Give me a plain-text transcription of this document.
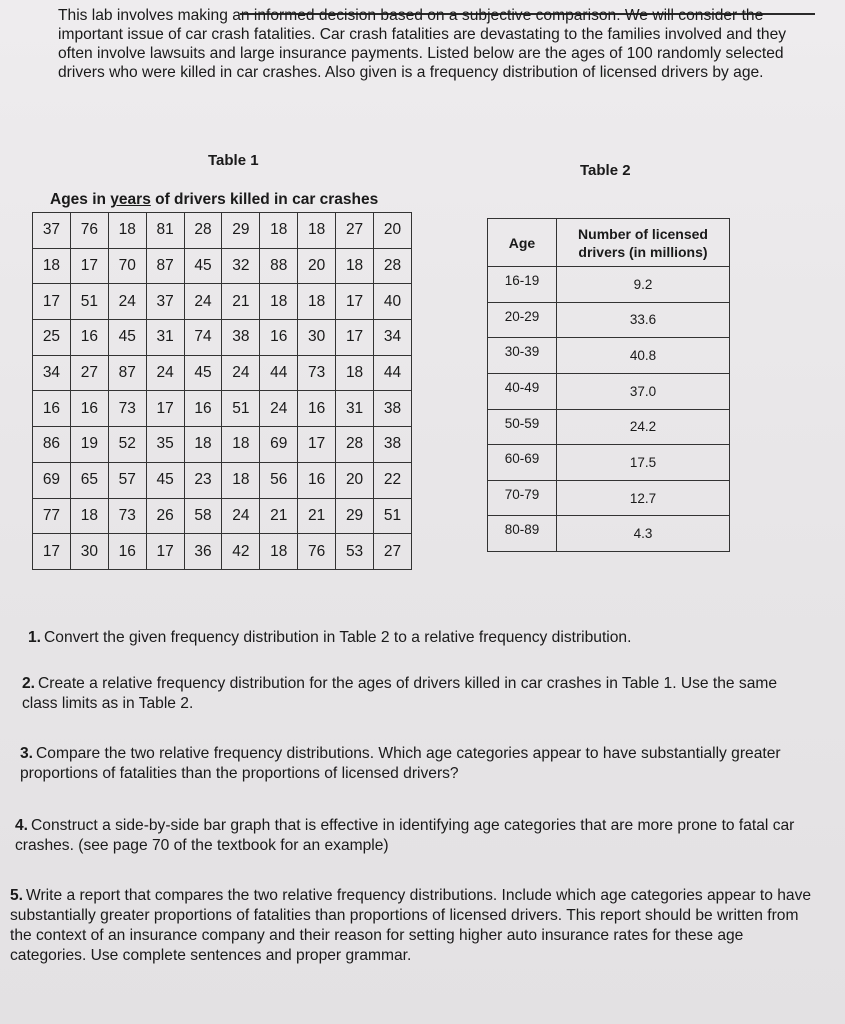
This lab involves making an informed decision based on a subjective comparison. We will consider the important issue of car crash fatalities. Car crash fatalities are devastating to the families involved and they often involve lawsuits and large insurance payments. Listed below are the ages of 100 randomly selected drivers who were killed in car crashes. Also given is a frequency distribution of licensed drivers by age.

Table 1
Table 2
Ages in years of drivers killed in car crashes
37	76	18	81	28	29	18	18	27	20
18	17	70	87	45	32	88	20	18	28
17	51	24	37	24	21	18	18	17	40
25	16	45	31	74	38	16	30	17	34
34	27	87	24	45	24	44	73	18	44
16	16	73	17	16	51	24	16	31	38
86	19	52	35	18	18	69	17	28	38
69	65	57	45	23	18	56	16	20	22
77	18	73	26	58	24	21	21	29	51
17	30	16	17	36	42	18	76	53	27
Age	Number of licensed drivers (in millions)
16-19	9.2
20-29	33.6
30-39	40.8
40-49	37.0
50-59	24.2
60-69	17.5
70-79	12.7
80-89	4.3

1. Convert the given frequency distribution in Table 2 to a relative frequency distribution.

2. Create a relative frequency distribution for the ages of drivers killed in car crashes in Table 1. Use the same class limits as in Table 2.

3. Compare the two relative frequency distributions. Which age categories appear to have substantially greater proportions of fatalities than the proportions of licensed drivers?

4. Construct a side-by-side bar graph that is effective in identifying age categories that are more prone to fatal car crashes. (see page 70 of the textbook for an example)

5. Write a report that compares the two relative frequency distributions. Include which age categories appear to have substantially greater proportions of fatalities than proportions of licensed drivers. This report should be written from the context of an insurance company and their reason for setting higher auto insurance rates for these age categories. Use complete sentences and proper grammar.
